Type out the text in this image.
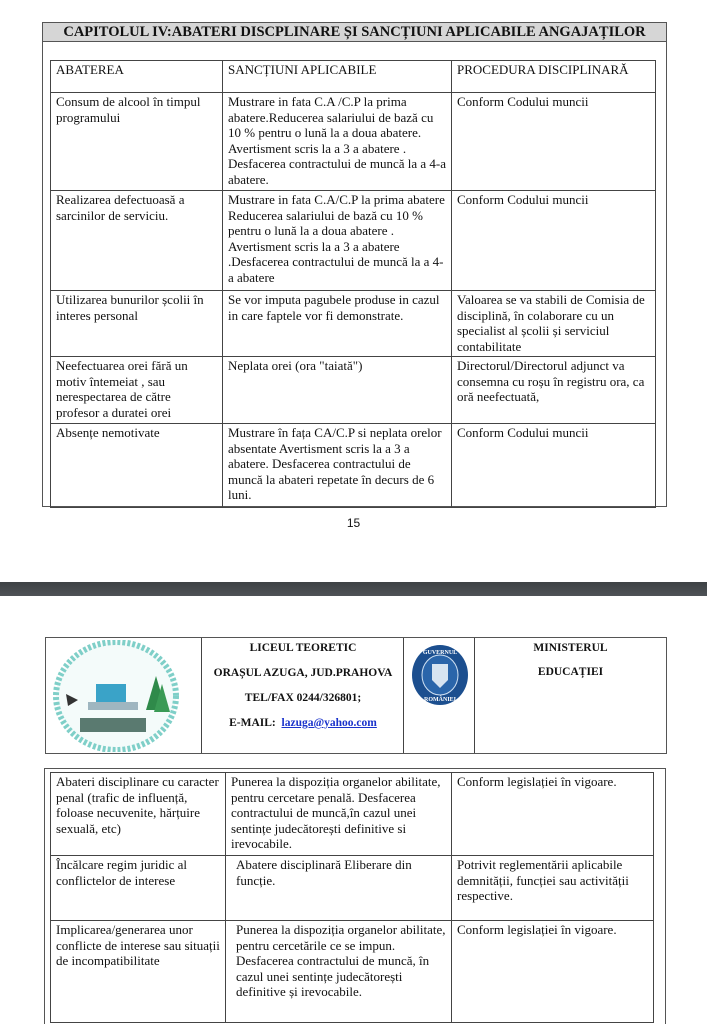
CAPITOLUL IV:ABATERI DISCPLINARE ȘI SANCȚIUNI APLICABILE ANGAJAȚILOR
ABATEREA	SANCȚIUNI APLICABILE	PROCEDURA DISCIPLINARĂ
Consum de alcool în timpul programului	Mustrare in fata C.A /C.P la prima abatere.Reducerea salariului de bază cu 10 % pentru o lună la a doua abatere. Avertisment scris la a 3 a abatere . Desfacerea contractului de muncă la a 4-a abatere.	Conform Codului muncii
Realizarea defectuoasă a sarcinilor de serviciu.	Mustrare in fata C.A/C.P la prima abatere Reducerea salariului de bază cu 10 % pentru o lună la a doua abatere . Avertisment scris la a 3 a abatere .Desfacerea contractului de muncă la a 4-a abatere	Conform Codului muncii
Utilizarea bunurilor școlii în interes personal	Se vor imputa pagubele produse in cazul in care faptele vor fi demonstrate.	Valoarea se va stabili de Comisia de disciplină, în colaborare cu un specialist al școlii și serviciul contabilitate
Neefectuarea orei fără un motiv întemeiat , sau nerespectarea de către profesor a duratei orei	Neplata orei (ora "taiată")	Directorul/Directorul adjunct va consemna cu roșu în registru ora, ca oră neefectuată,
Absențe nemotivate	Mustrare în fața CA/C.P si neplata orelor absentate Avertisment scris la a 3 a abatere. Desfacerea contractului de muncă la abateri repetate în decurs de 6 luni.	Conform Codului muncii
15

LICEUL TEORETIC

ORAȘUL AZUGA, JUD.PRAHOVA

TEL/FAX 0244/326801;

E-MAIL: lazuga@yahoo.com

GUVERNUL
ROMÂNIEI

MINISTERUL

EDUCAȚIEI

Abateri disciplinare cu caracter penal (trafic de influență, foloase necuvenite, hărțuire sexuală, etc)	Punerea la dispoziția organelor abilitate, pentru cercetare penală. Desfacerea contractului de muncă,în cazul unei sentințe judecătorești definitive si irevocabile.	Conform legislației în vigoare.
Încălcare regim juridic al conflictelor de interese	Abatere disciplinară Eliberare din funcție.	Potrivit reglementării aplicabile demnității, funcției sau activității respective.
Implicarea/generarea unor conflicte de interese sau situații de incompatibilitate	Punerea la dispoziția organelor abilitate, pentru cercetările ce se impun. Desfacerea contractului de muncă, în cazul unei sentințe judecătorești definitive și irevocabile.	Conform legislației în vigoare.
